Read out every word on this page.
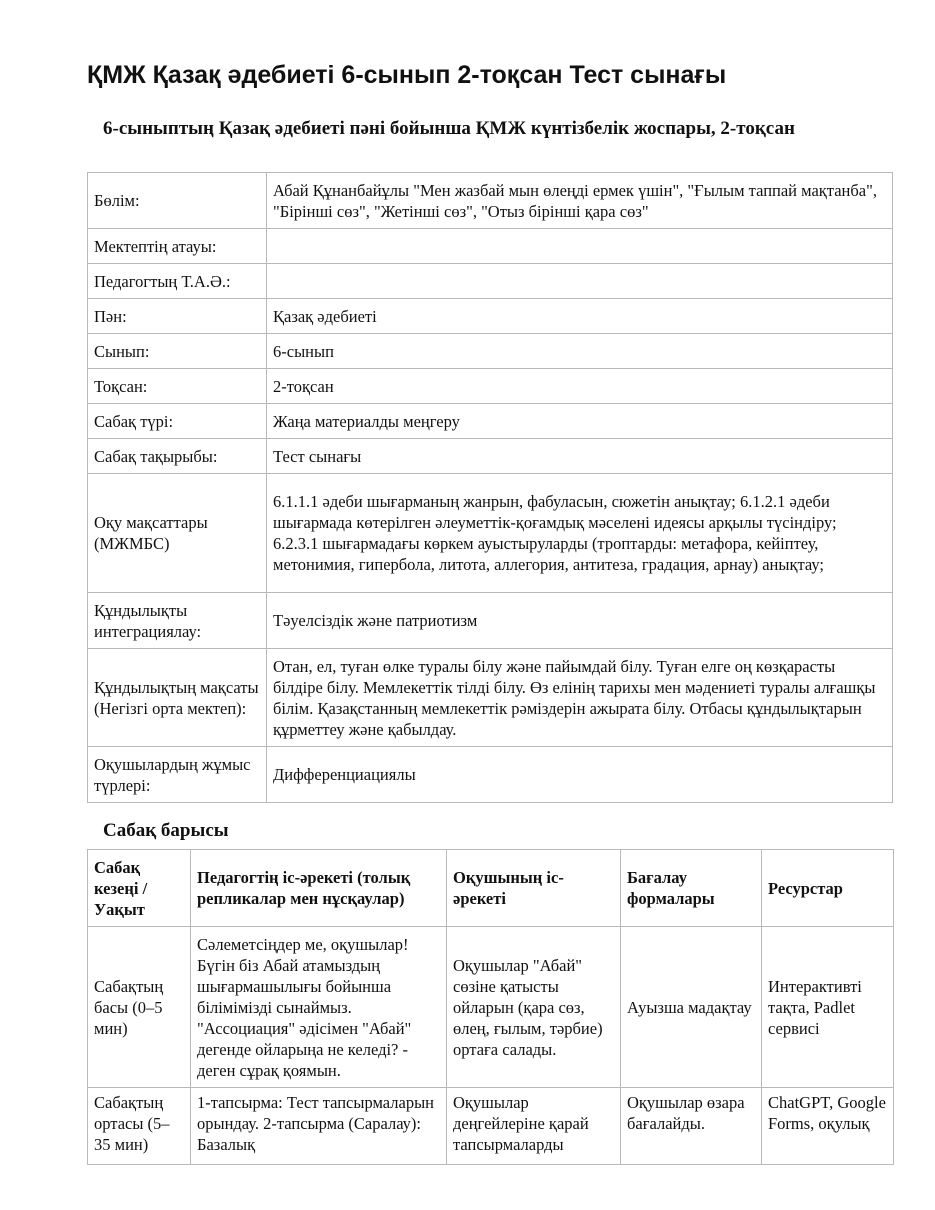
ҚМЖ Қазақ әдебиеті 6-сынып 2-тоқсан Тест сынағы
6-сыныптың Қазақ әдебиеті пәні бойынша ҚМЖ күнтізбелік жоспары, 2-тоқсан
Бөлім:	Абай Құнанбайұлы "Мен жазбай мын өлеңді ермек үшін", "Ғылым таппай мақтанба", "Бірінші сөз", "Жетінші сөз", "Отыз бірінші қара сөз"
Мектептің атауы:	
Педагогтың Т.А.Ә.:	
Пән:	Қазақ әдебиеті
Сынып:	6-сынып
Тоқсан:	2-тоқсан
Сабақ түрі:	Жаңа материалды меңгеру
Сабақ тақырыбы:	Тест сынағы
Оқу мақсаттары (МЖМБС)	6.1.1.1 әдеби шығарманың жанрын, фабуласын, сюжетін анықтау; 6.1.2.1 әдеби шығармада көтерілген әлеуметтік-қоғамдық мәселені идеясы арқылы түсіндіру; 6.2.3.1 шығармадағы көркем ауыстыруларды (троптарды: метафора, кейіптеу, метонимия, гипербола, литота, аллегория, антитеза, градация, арнау) анықтау;
Құндылықты интеграциялау:	Тәуелсіздік және патриотизм
Құндылықтың мақсаты (Негізгі орта мектеп):	Отан, ел, туған өлке туралы білу және пайымдай білу. Туған елге оң көзқарасты білдіре білу. Мемлекеттік тілді білу. Өз елінің тарихы мен мәдениеті туралы алғашқы білім. Қазақстанның мемлекеттік рәміздерін ажырата білу. Отбасы құндылықтарын құрметтеу және қабылдау.
Оқушылардың жұмыс түрлері:	Дифференциациялы
Сабақ барысы
Сабақ кезеңі / Уақыт	Педагогтің іс-әрекеті (толық репликалар мен нұсқаулар)	Оқушының іс-әрекеті	Бағалау формалары	Ресурстар
Сабақтың басы (0–5 мин)	Сәлеметсіңдер ме, оқушылар! Бүгін біз Абай атамыздың шығармашылығы бойынша білімімізді сынаймыз. "Ассоциация" әдісімен "Абай" дегенде ойларыңа не келеді? - деген сұрақ қоямын.	Оқушылар "Абай" сөзіне қатысты ойларын (қара сөз, өлең, ғылым, тәрбие) ортаға салады.	Ауызша мадақтау	Интерактивті тақта, Padlet сервисі
Сабақтың ортасы (5–35 мин)	1-тапсырма: Тест тапсырмаларын орындау. 2-тапсырма (Саралау): Базалық	Оқушылар деңгейлеріне қарай тапсырмаларды	Оқушылар өзара бағалайды.	ChatGPT, Google Forms, оқулық
